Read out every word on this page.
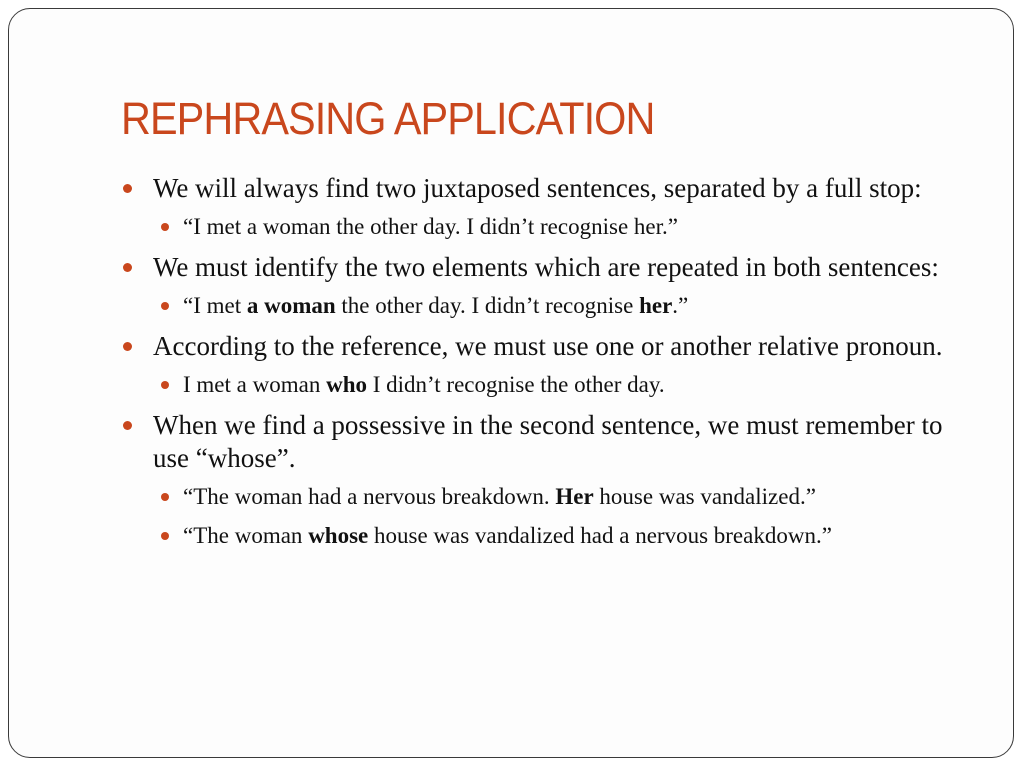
REPHRASING APPLICATION
We will always find two juxtaposed sentences, separated by a full stop:
“I met a woman the other day. I didn’t recognise her.”
We must identify the two elements which are repeated in both sentences:
“I met a woman the other day. I didn’t recognise her.”
According to the reference, we must use one or another relative pronoun.
I met a woman who I didn’t recognise the other day.
When we find a possessive in the second sentence, we must remember to use “whose”.
“The woman had a nervous breakdown. Her house was vandalized.”
“The woman whose house was vandalized had a nervous breakdown.”
